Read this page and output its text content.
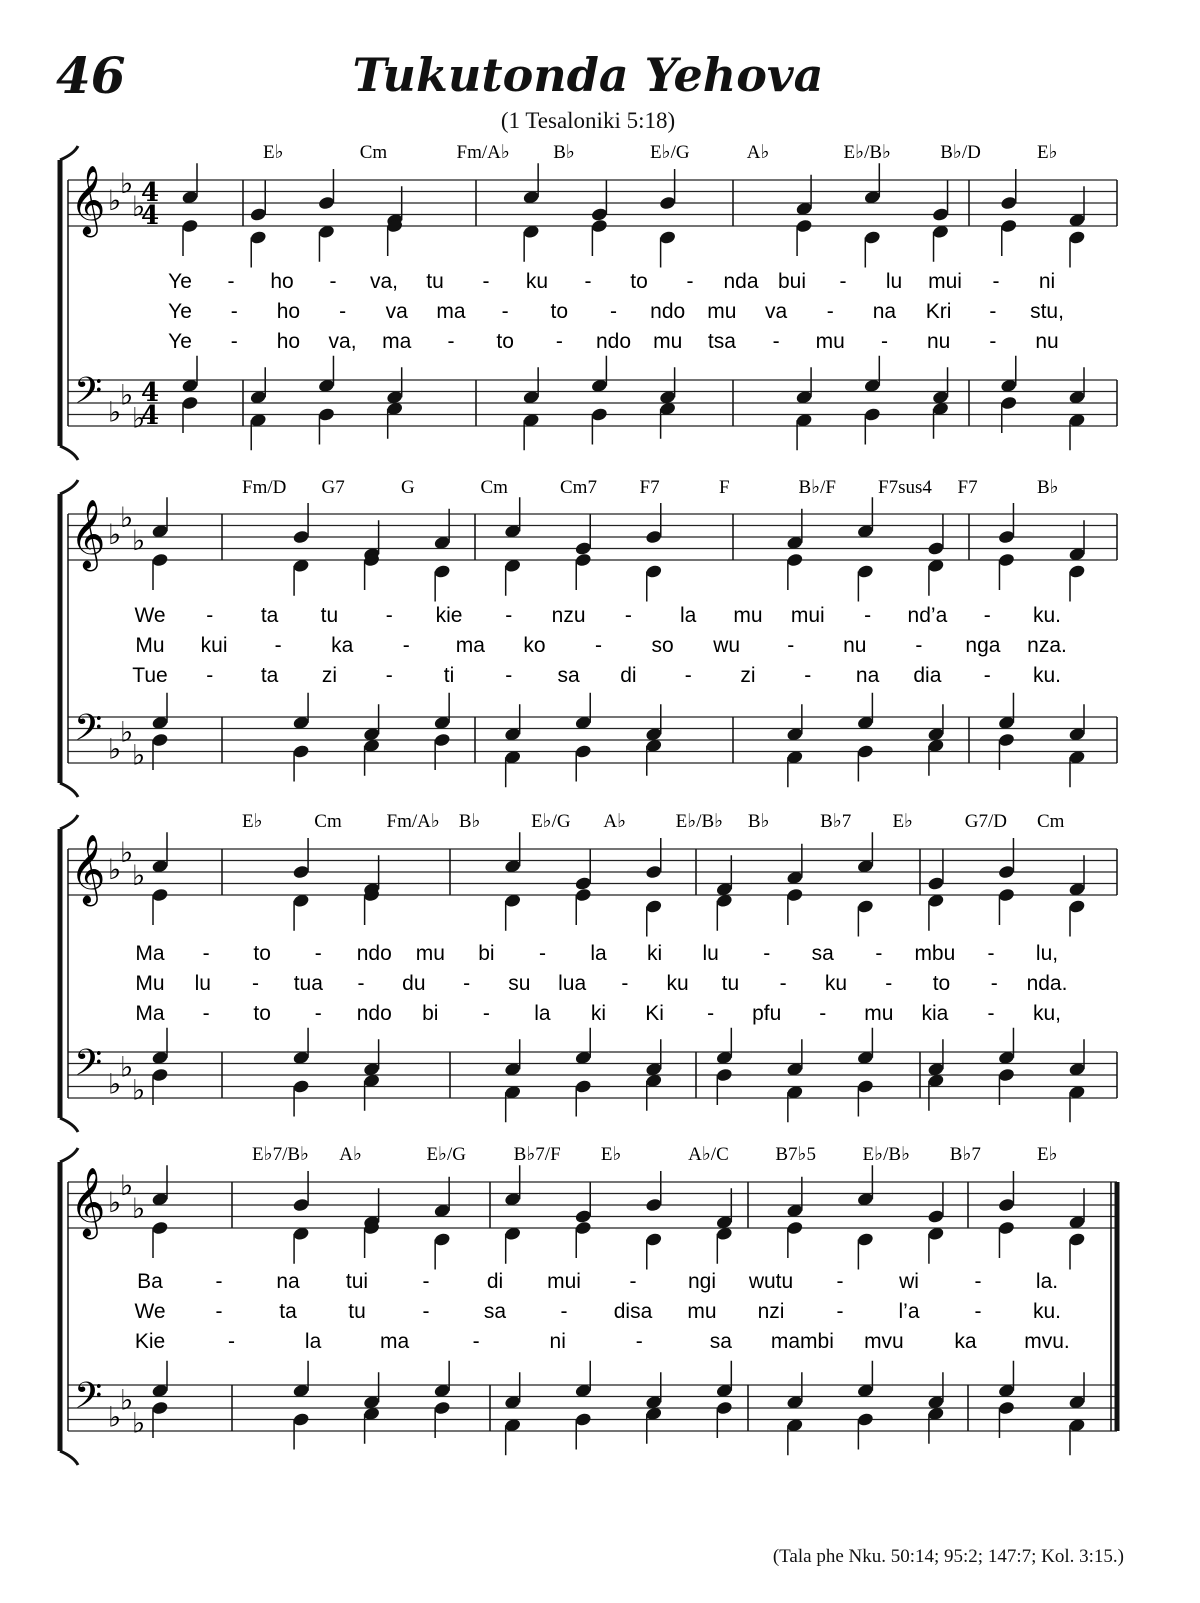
46	Tukutonda Yehova
(1 Tesaloniki 5:18)
𝄞
𝄢
♭
♭
♭
♭
♭
♭
4
4
4
4
E♭	Cm	Fm/A♭ B♭	E♭/G	A♭	E♭/B♭	B♭/D	E♭
Ye - ho - va, tu - ku - to - nda bui - lu mui - ni
Ye - ho - va ma - to - ndo mu va - na Kri - stu,
Ye - ho va, ma - to - ndo mu tsa - mu - nu - nu
𝄞
𝄢
♭
♭
♭
♭
♭
♭
Fm/D G7	G	Cm	Cm7 F7	F	B♭/F F7sus4 F7	B♭
We - ta tu - kie - nzu - la mu mui - nd’a - ku.
Mu kui - ka - ma ko - so wu - nu - nga nza.
Tue - ta zi - ti - sa di - zi - na dia - ku.
𝄞
𝄢
♭
♭
♭
♭
♭
♭
E♭	Cm Fm/A♭ B♭	E♭/G A♭	E♭/B♭ B♭	B♭7 E♭	G7/D Cm
Ma - to - ndo mu bi - la ki lu - sa - mbu - lu,
Mu lu - tua - du - su lua - ku tu - ku - to - nda.
Ma - to - ndo bi - la ki Ki - pfu - mu kia - ku,
𝄞
𝄢
♭
♭
♭
♭
♭
♭
E♭7/B♭ A♭	E♭/G	B♭7/F E♭	A♭/C B7♭5 E♭/B♭ B♭7	E♭
Ba	-	na tui	-	di mui - ngi wutu -	wi	-	la.
We -	ta tu	-	sa	- disa mu nzi -	l’a	- ku.
Kie	-	la	ma	-	ni	-	sa mambi mvu ka mvu.
(Tala phe Nku. 50:14; 95:2; 147:7; Kol. 3:15.)
